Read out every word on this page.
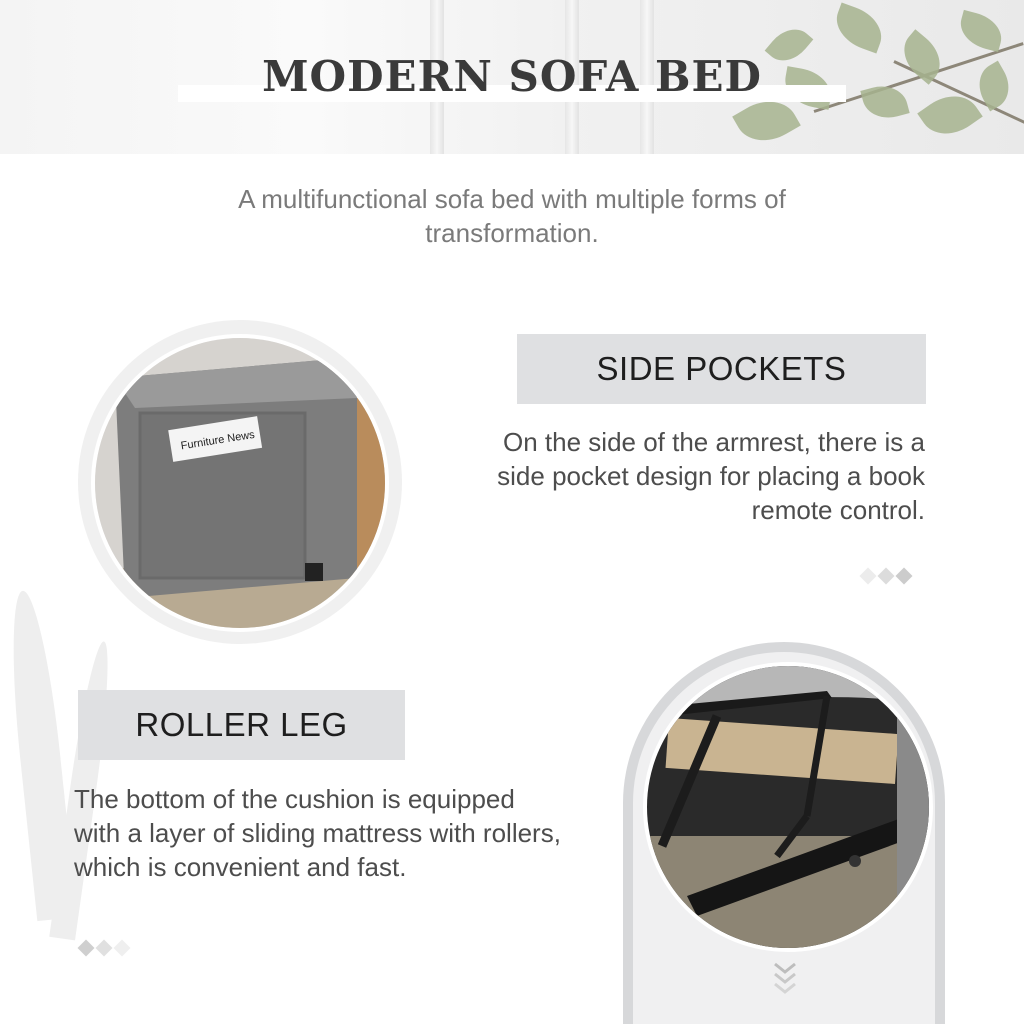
MODERN SOFA BED

A multifunctional sofa bed with multiple forms of transformation.

Furniture News
SIDE POCKETS

On the side of the armrest, there is a side pocket design for placing a book remote control.

ROLLER LEG

The bottom of the cushion is equipped with a layer of sliding mattress with rollers, which is convenient and fast.
